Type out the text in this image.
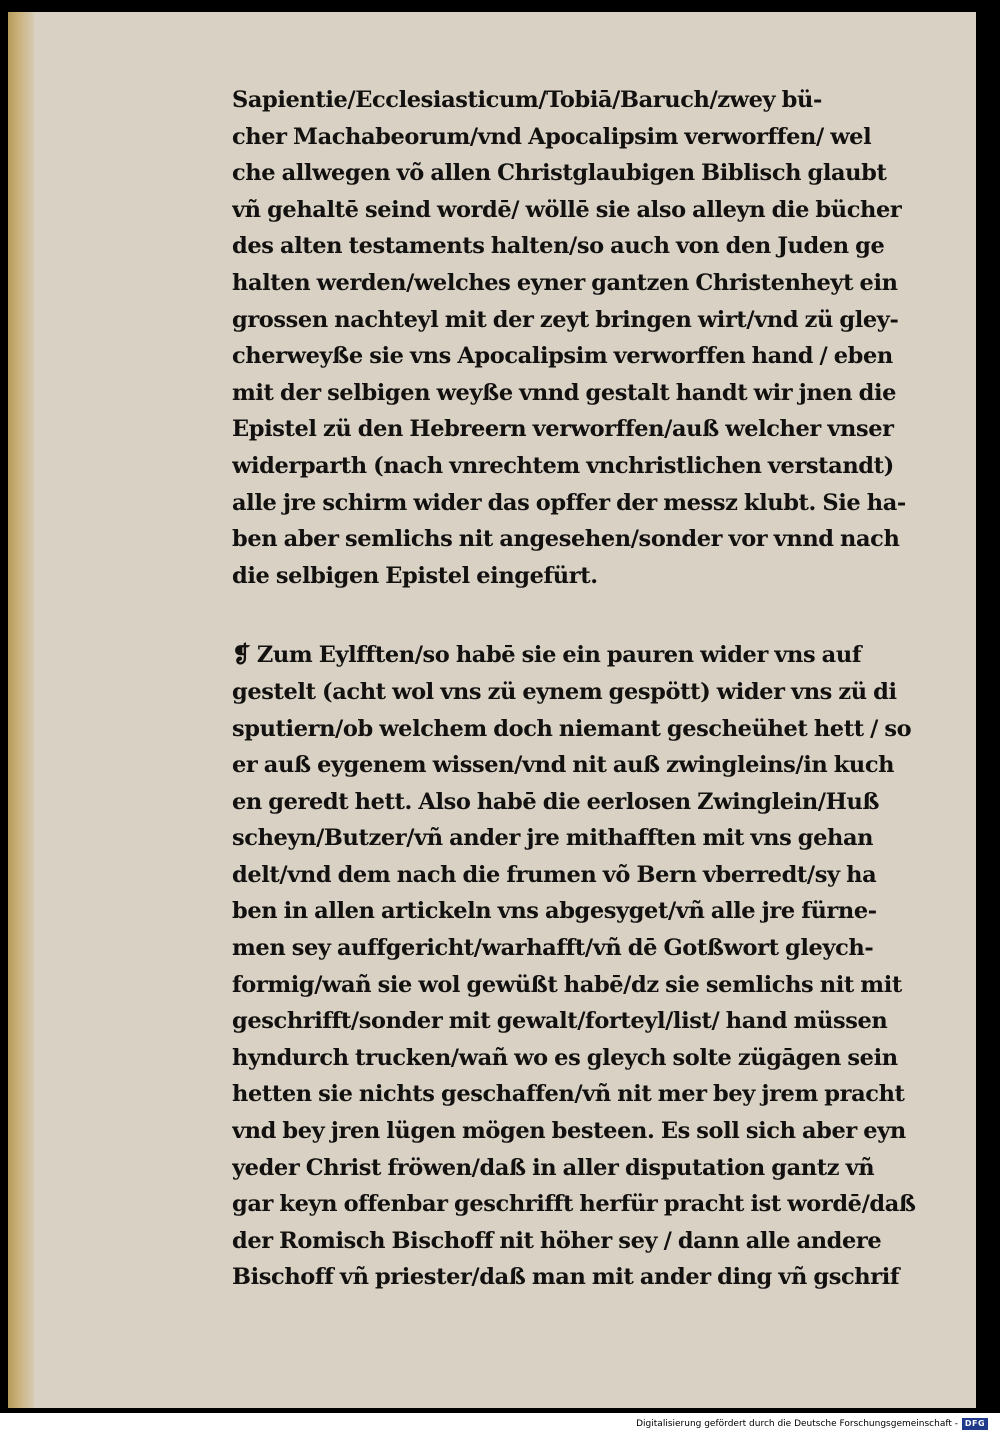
Sapientie/Ecclesiasticum/Tobiā/Baruch/zwey bü-
cher Machabeorum/vnd Apocalipsim verworffen/ wel
che allwegen võ allen Christglaubigen Biblisch glaubt
vñ gehaltē seind wordē/ wöllē sie also alleyn die bücher
des alten testaments halten/so auch von den Juden ge
halten werden/welches eyner gantzen Christenheyt ein
grossen nachteyl mit der zeyt bringen wirt/vnd zü gley-
cherweyße sie vns Apocalipsim verworffen hand / eben
mit der selbigen weyße vnnd gestalt handt wir jnen die
Epistel zü den Hebreern verworffen/auß welcher vnser
widerparth (nach vnrechtem vnchristlichen verstandt)
alle jre schirm wider das opffer der messz klubt. Sie ha-
ben aber semlichs nit angesehen/sonder vor vnnd nach
die selbigen Epistel eingefürt.

❡ Zum Eylfften/so habē sie ein pauren wider vns auf
gestelt (acht wol vns zü eynem gespött) wider vns zü di
sputiern/ob welchem doch niemant gescheühet hett / so
er auß eygenem wissen/vnd nit auß zwingleins/in kuch
en geredt hett. Also habē die eerlosen Zwinglein/Huß
scheyn/Butzer/vñ ander jre mithafften mit vns gehan
delt/vnd dem nach die frumen võ Bern vberredt/sy ha
ben in allen artickeln vns abgesyget/vñ alle jre fürne-
men sey auffgericht/warhafft/vñ dē Gotßwort gleych-
formig/wañ sie wol gewüßt habē/dz sie semlichs nit mit
geschrifft/sonder mit gewalt/forteyl/list/ hand müssen
hyndurch trucken/wañ wo es gleych solte zügāgen sein
hetten sie nichts geschaffen/vñ nit mer bey jrem pracht
vnd bey jren lügen mögen besteen. Es soll sich aber eyn
yeder Christ fröwen/daß in aller disputation gantz vñ
gar keyn offenbar geschrifft herfür pracht ist wordē/daß
der Romisch Bischoff nit höher sey / dann alle andere
Bischoff vñ priester/daß man mit ander ding vñ gschrif

Digitalisierung gefördert durch die Deutsche Forschungsgemeinschaft - DFG
